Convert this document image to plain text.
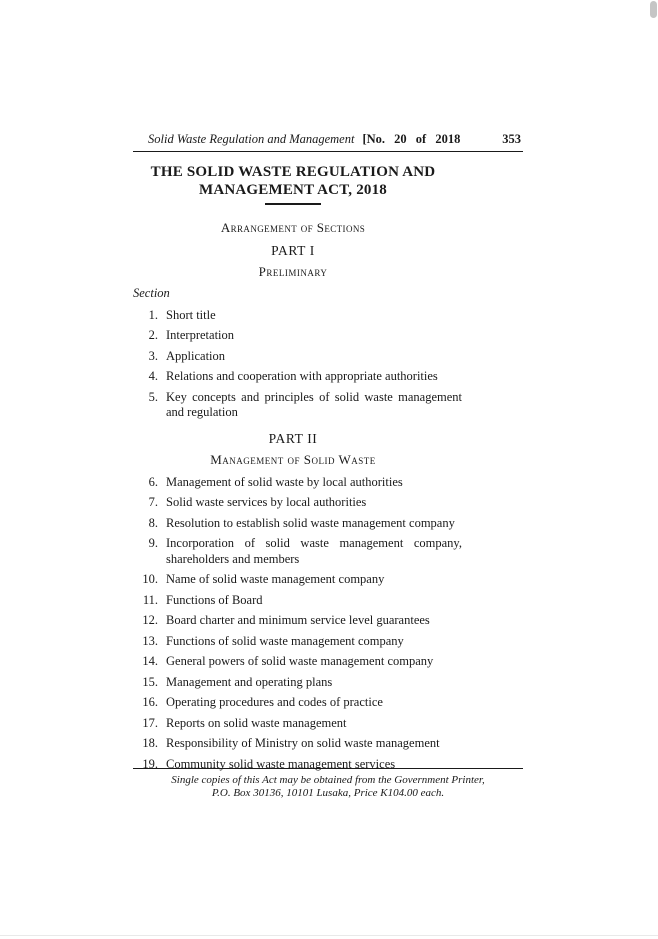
Solid Waste Regulation and Management [No. 20 of 2018	353
THE SOLID WASTE REGULATION AND
MANAGEMENT ACT, 2018
Arrangement of Sections
PART I
Preliminary
Section
1. Short title
2. Interpretation
3. Application
4. Relations and cooperation with appropriate authorities
5. Key concepts and principles of solid waste management and regulation
PART II
Management of Solid Waste
6. Management of solid waste by local authorities
7. Solid waste services by local authorities
8. Resolution to establish solid waste management company
9. Incorporation of solid waste management company, shareholders and members
10. Name of solid waste management company
11. Functions of Board
12. Board charter and minimum service level guarantees
13. Functions of solid waste management company
14. General powers of solid waste management company
15. Management and operating plans
16. Operating procedures and codes of practice
17. Reports on solid waste management
18. Responsibility of Ministry on solid waste management
19. Community solid waste management services
Single copies of this Act may be obtained from the Government Printer,
P.O. Box 30136, 10101 Lusaka, Price K104.00 each.
